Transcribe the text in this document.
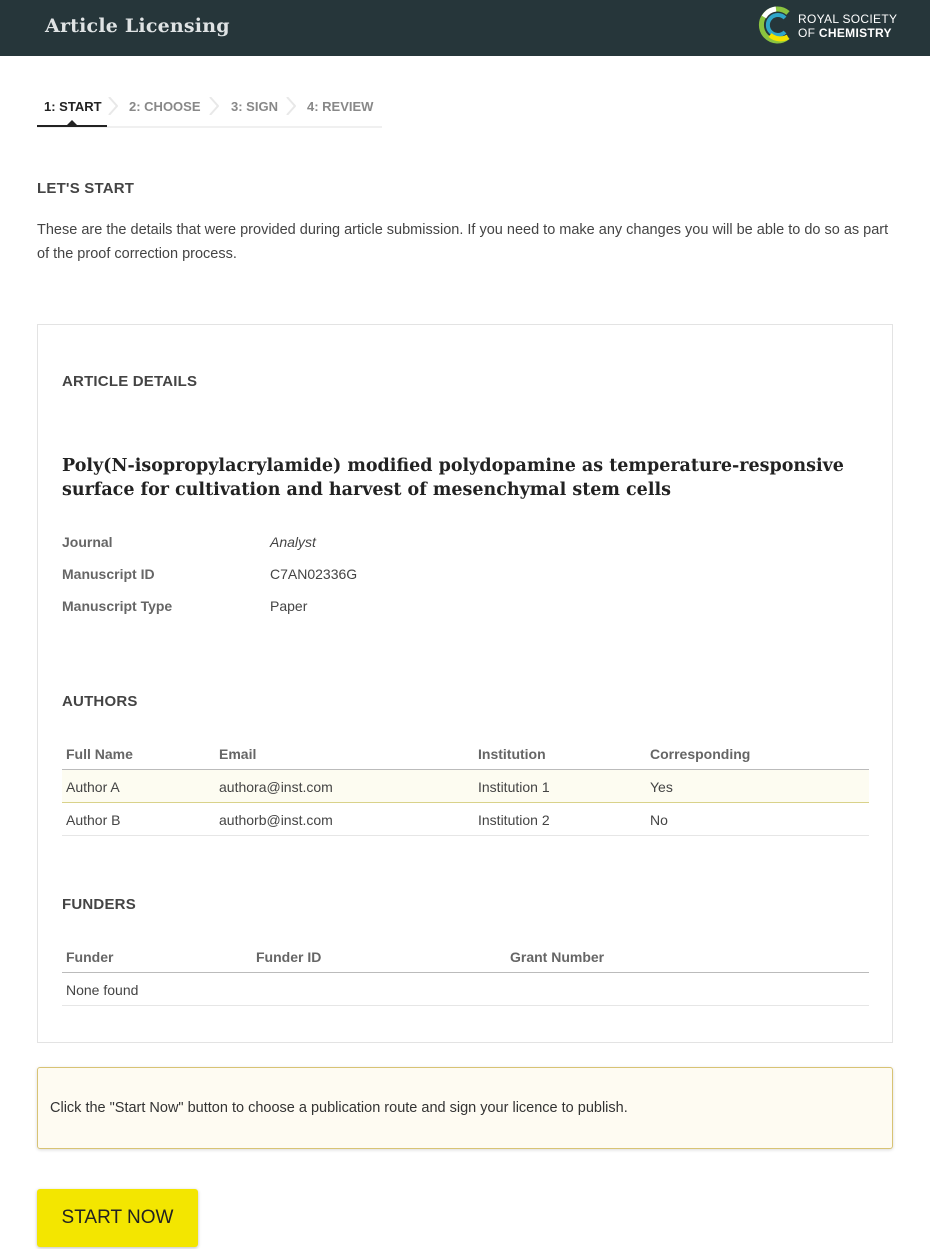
Article Licensing	ROYAL SOCIETY
OF CHEMISTRY
1: START 2: CHOOSE 3: SIGN 4: REVIEW
LET'S START
These are the details that were provided during article submission. If you need to make any changes you will be able to do so as part of the proof correction process.
ARTICLE DETAILS
Poly(N-isopropylacrylamide) modified polydopamine as temperature-responsive surface for cultivation and harvest of mesenchymal stem cells
Journal	Analyst
Manuscript ID	C7AN02336G
Manuscript Type	Paper
AUTHORS
Full Name	Email	Institution	Corresponding
Author A	authora@inst.com	Institution 1	Yes
Author B	authorb@inst.com	Institution 2	No
FUNDERS
Funder	Funder ID	Grant Number
None found
Click the "Start Now" button to choose a publication route and sign your licence to publish.
START NOW
